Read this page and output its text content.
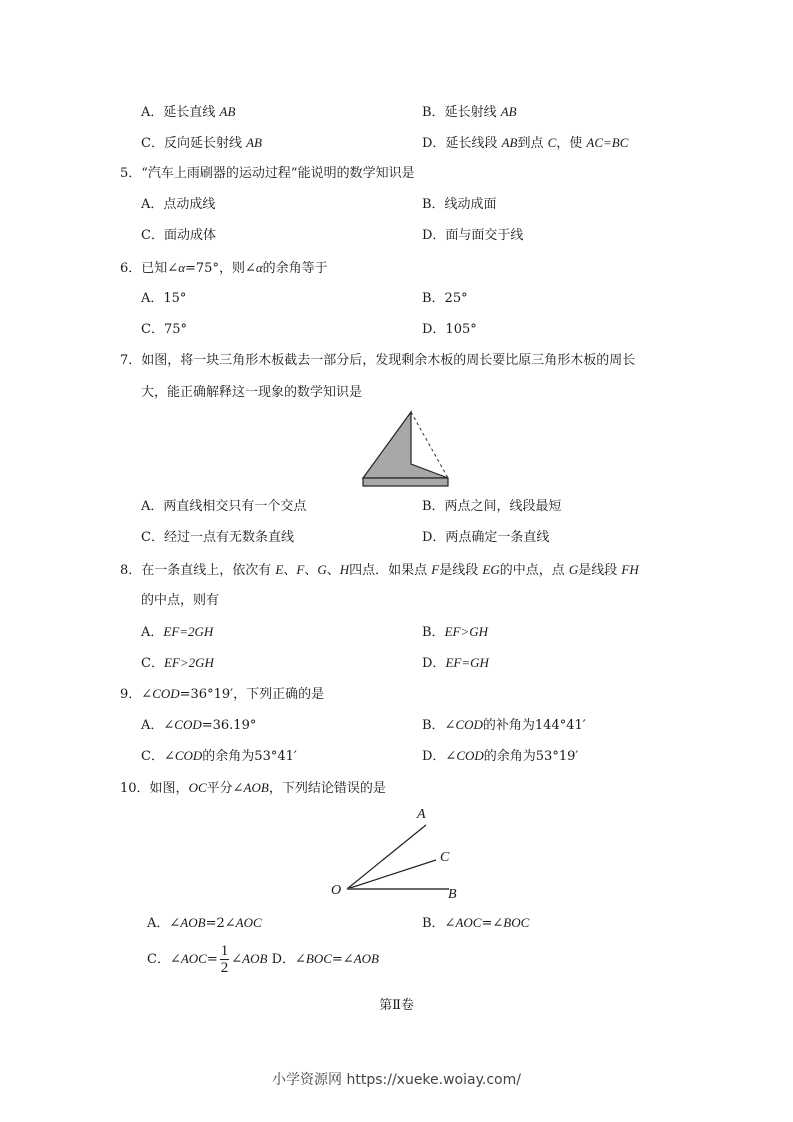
A．延长直线 AB	B．延长射线 AB
C．反向延长射线 AB	D．延长线段 AB到点 C，使 AC=BC
5．“汽车上雨刷器的运动过程”能说明的数学知识是
A．点动成线	B．线动成面
C．面动成体	D．面与面交于线
6．已知∠α=75°，则∠α的余角等于
A．15°	B．25°
C．75°	D．105°
7．如图，将一块三角形木板截去一部分后，发现剩余木板的周长要比原三角形木板的周长
大，能正确解释这一现象的数学知识是
A．两直线相交只有一个交点	B．两点之间，线段最短
C．经过一点有无数条直线	D．两点确定一条直线
8．在一条直线上，依次有 E、F、G、H四点．如果点 F是线段 EG的中点，点 G是线段 FH
的中点，则有
A．EF=2GH	B．EF>GH
C．EF>2GH	D．EF=GH
9．∠COD=36°19′，下列正确的是
A．∠COD=36.19°	B．∠COD的补角为144°41′
C．∠COD的余角为53°41′	D．∠COD的余角为53°19′
10．如图，OC平分∠AOB，下列结论错误的是
A
C
O	B
A．∠AOB=2∠AOC	B．∠AOC=∠BOC
C．∠AOC= $\frac{1}{2}$ ∠AOB D．∠BOC=∠AOB
第Ⅱ卷
小学资源网 https://xueke.woiay.com/
